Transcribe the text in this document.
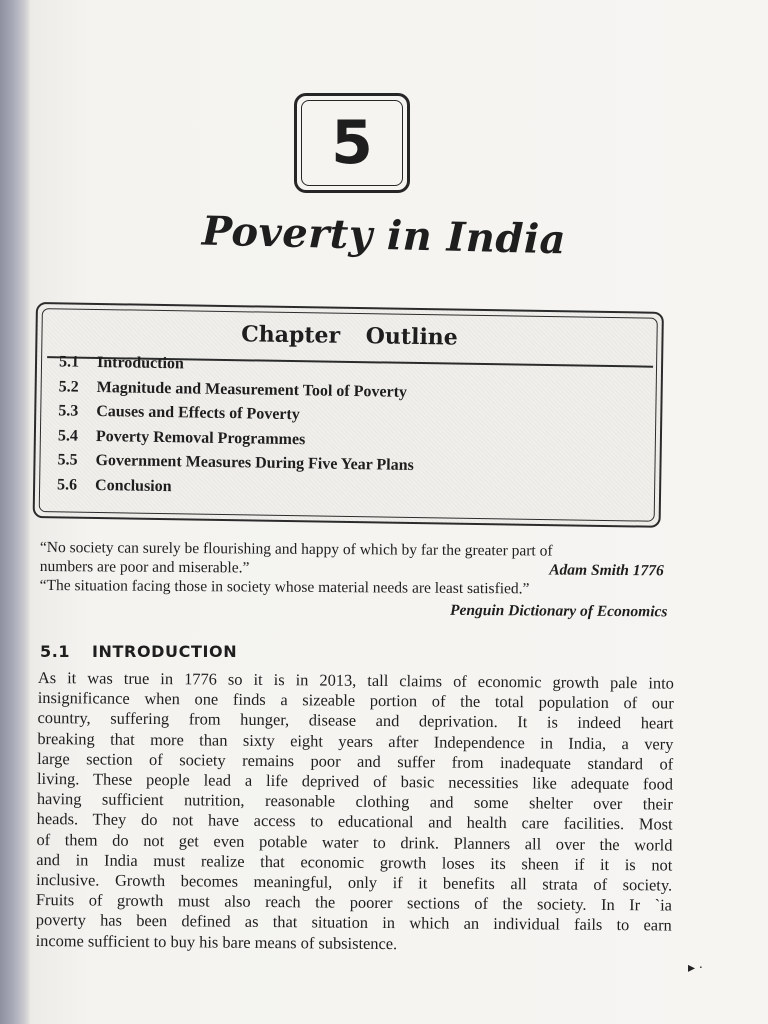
5
Poverty in India
Chapter Outline
5.1 Introduction
5.2 Magnitude and Measurement Tool of Poverty
5.3 Causes and Effects of Poverty
5.4 Poverty Removal Programmes
5.5 Government Measures During Five Year Plans
5.6 Conclusion
“No society can surely be flourishing and happy of which by far the greater part of
numbers are poor and miserable.”	Adam Smith 1776
“The situation facing those in society whose material needs are least satisfied.”
Penguin Dictionary of Economics
5.1 INTRODUCTION
As it was true in 1776 so it is in 2013, tall claims of economic growth pale into
insignificance when one finds a sizeable portion of the total population of our
country, suffering from hunger, disease and deprivation. It is indeed heart
breaking that more than sixty eight years after Independence in India, a very
large section of society remains poor and suffer from inadequate standard of
living. These people lead a life deprived of basic necessities like adequate food
having sufficient nutrition, reasonable clothing and some shelter over their
heads. They do not have access to educational and health care facilities. Most
of them do not get even potable water to drink. Planners all over the world
and in India must realize that economic growth loses its sheen if it is not
inclusive. Growth becomes meaningful, only if it benefits all strata of society.
Fruits of growth must also reach the poorer sections of the society. In Ir `ia
poverty has been defined as that situation in which an individual fails to earn
income sufficient to buy his bare means of subsistence.
▸ ·
